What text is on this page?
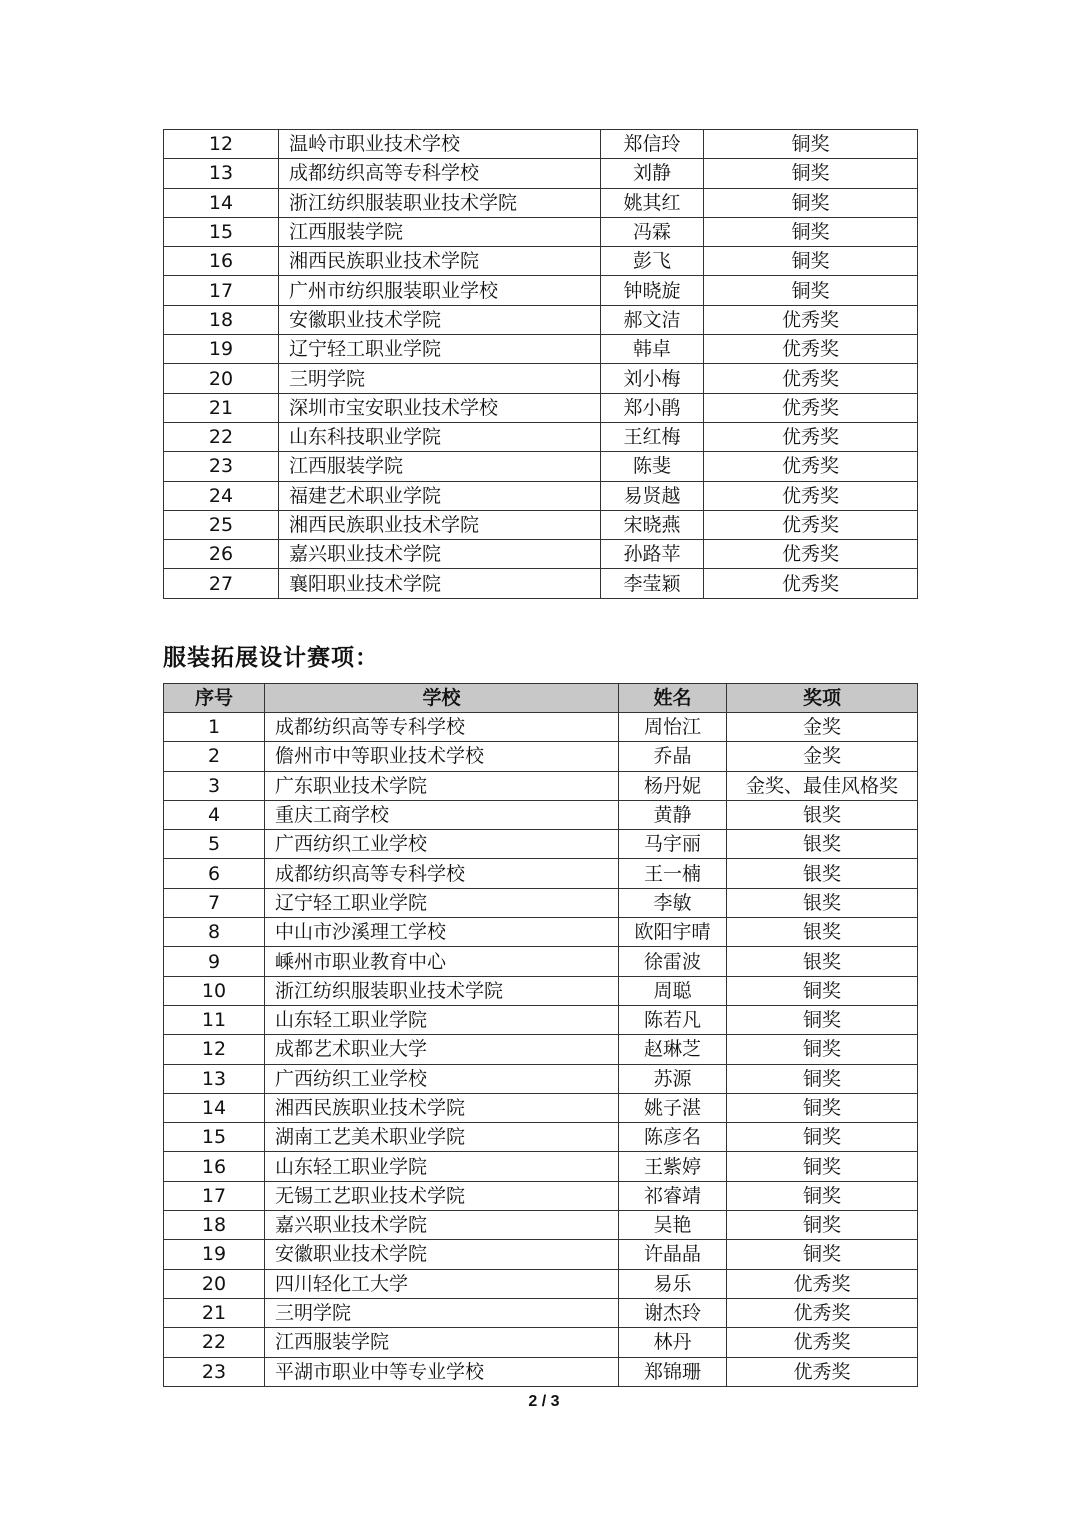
12	温岭市职业技术学校	郑信玲	铜奖
13	成都纺织高等专科学校	刘静	铜奖
14	浙江纺织服装职业技术学院	姚其红	铜奖
15	江西服装学院	冯霖	铜奖
16	湘西民族职业技术学院	彭飞	铜奖
17	广州市纺织服装职业学校	钟晓旋	铜奖
18	安徽职业技术学院	郝文洁	优秀奖
19	辽宁轻工职业学院	韩卓	优秀奖
20	三明学院	刘小梅	优秀奖
21	深圳市宝安职业技术学校	郑小鹃	优秀奖
22	山东科技职业学院	王红梅	优秀奖
23	江西服装学院	陈斐	优秀奖
24	福建艺术职业学院	易贤越	优秀奖
25	湘西民族职业技术学院	宋晓燕	优秀奖
26	嘉兴职业技术学院	孙路苹	优秀奖
27	襄阳职业技术学院	李莹颖	优秀奖
服装拓展设计赛项：
序号	学校	姓名	奖项
1	成都纺织高等专科学校	周怡江	金奖
2	儋州市中等职业技术学校	乔晶	金奖
3	广东职业技术学院	杨丹妮	金奖、最佳风格奖
4	重庆工商学校	黄静	银奖
5	广西纺织工业学校	马宇丽	银奖
6	成都纺织高等专科学校	王一楠	银奖
7	辽宁轻工职业学院	李敏	银奖
8	中山市沙溪理工学校	欧阳宇晴	银奖
9	嵊州市职业教育中心	徐雷波	银奖
10	浙江纺织服装职业技术学院	周聪	铜奖
11	山东轻工职业学院	陈若凡	铜奖
12	成都艺术职业大学	赵琳芝	铜奖
13	广西纺织工业学校	苏源	铜奖
14	湘西民族职业技术学院	姚子湛	铜奖
15	湖南工艺美术职业学院	陈彦名	铜奖
16	山东轻工职业学院	王紫婷	铜奖
17	无锡工艺职业技术学院	祁睿靖	铜奖
18	嘉兴职业技术学院	吴艳	铜奖
19	安徽职业技术学院	许晶晶	铜奖
20	四川轻化工大学	易乐	优秀奖
21	三明学院	谢杰玲	优秀奖
22	江西服装学院	林丹	优秀奖
23	平湖市职业中等专业学校	郑锦珊	优秀奖
2 / 3
